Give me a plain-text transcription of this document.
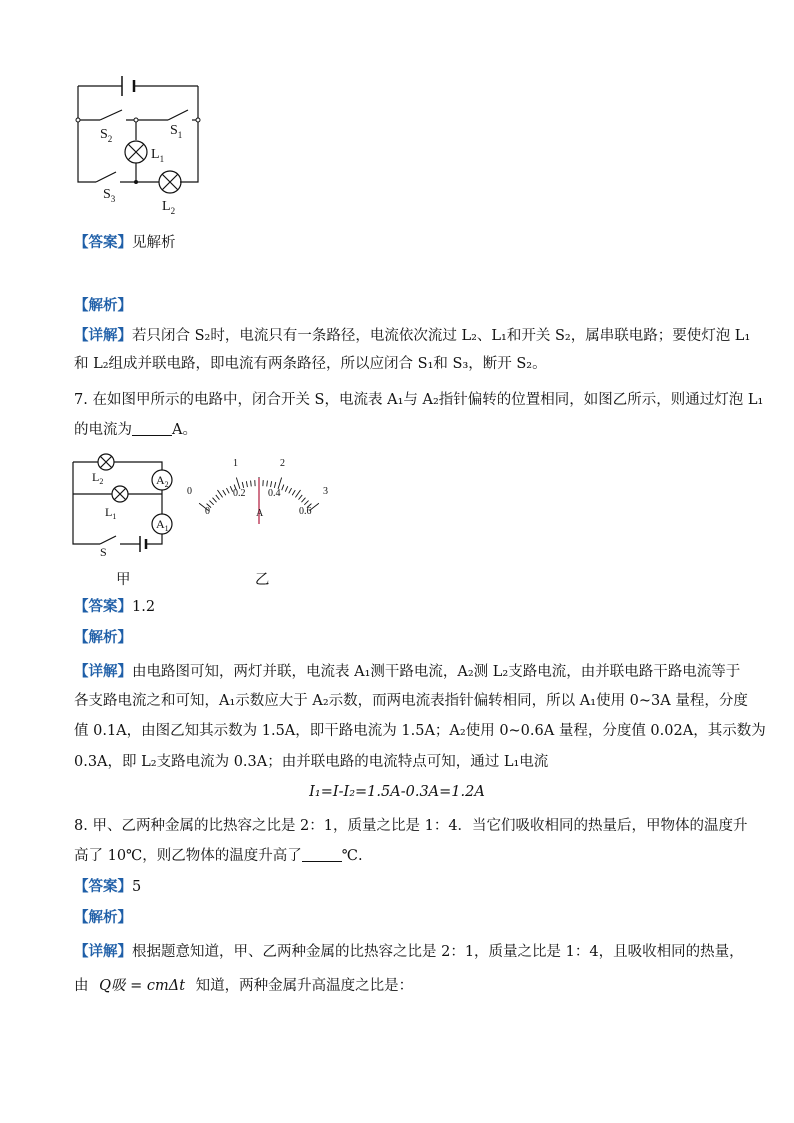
$S_2$
$S_1$
$L_1$
$S_3$	$L_2$
【答案】见解析
【解析】
【详解】若只闭合 S₂时，电流只有一条路径，电流依次流过 L₂、L₁和开关 S₂，属串联电路；要使灯泡 L₁
和 L₂组成并联电路，即电流有两条路径，所以应闭合 S₁和 S₃，断开 S₂。
7. 在如图甲所示的电路中，闭合开关 S，电流表 A₁与 A₂指针偏转的位置相同，如图乙所示，则通过灯泡 L₁
的电流为	A。
$L_2$	$A_2$
$L_1$
$A_1$
S
0
1	2
3
0
0.2 0.4
0.6
A
甲	乙
【答案】1.2
【解析】
【详解】由电路图可知，两灯并联，电流表 A₁测干路电流，A₂测 L₂支路电流，由并联电路干路电流等于
各支路电流之和可知，A₁示数应大于 A₂示数，而两电流表指针偏转相同，所以 A₁使用 0~3A 量程，分度
值 0.1A，由图乙知其示数为 1.5A，即干路电流为 1.5A；A₂使用 0~0.6A 量程，分度值 0.02A，其示数为
0.3A，即 L₂支路电流为 0.3A；由并联电路的电流特点可知，通过 L₁电流
I₁=I-I₂=1.5A-0.3A=1.2A
8. 甲、乙两种金属的比热容之比是 2：1，质量之比是 1：4．当它们吸收相同的热量后，甲物体的温度升
高了 10℃，则乙物体的温度升高了	℃.
【答案】5
【解析】
【详解】根据题意知道，甲、乙两种金属的比热容之比是 2：1，质量之比是 1：4，且吸收相同的热量，
由 Q吸 = cmΔt 知道，两种金属升高温度之比是：
